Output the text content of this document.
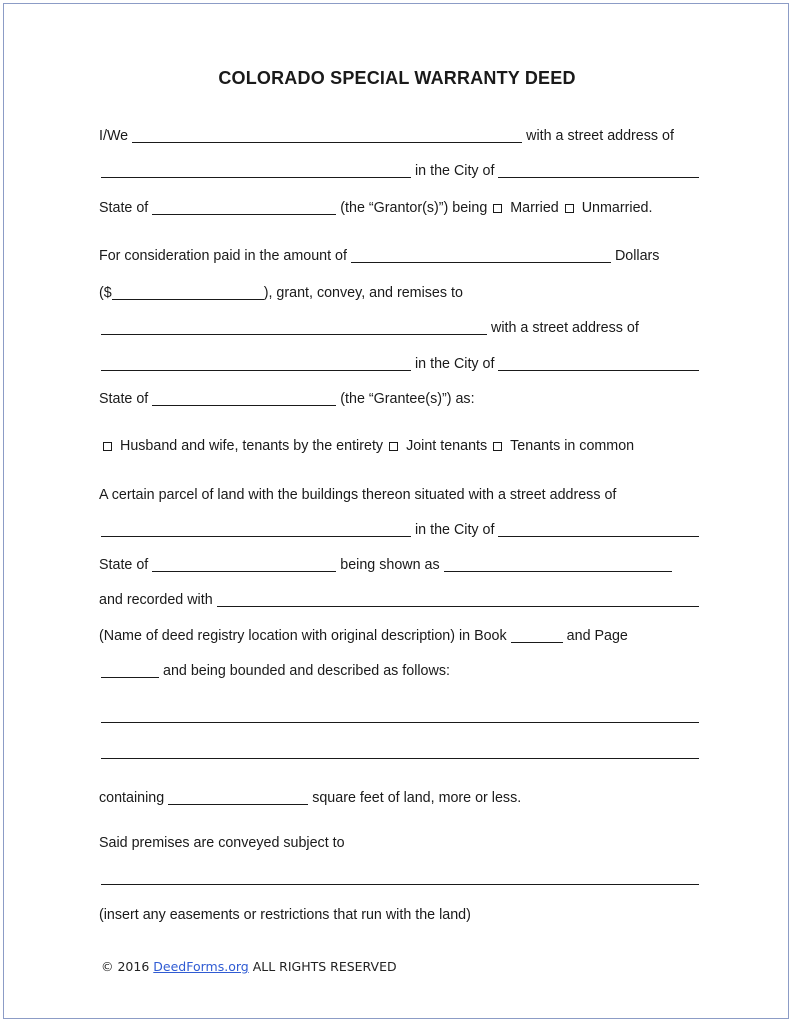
COLORADO SPECIAL WARRANTY DEED
I/We	with a street address of
in the City of
State of	(the “Grantor(s)”) being Married Unmarried.
For consideration paid in the amount of	Dollars
($	), grant, convey, and remises to
with a street address of
in the City of
State of	(the “Grantee(s)”) as:
Husband and wife, tenants by the entirety Joint tenants Tenants in common
A certain parcel of land with the buildings thereon situated with a street address of
in the City of
State of	being shown as
and recorded with
(Name of deed registry location with original description) in Book	and Page
and being bounded and described as follows:
containing	square feet of land, more or less.
Said premises are conveyed subject to
(insert any easements or restrictions that run with the land)
© 2016 DeedForms.org ALL RIGHTS RESERVED
